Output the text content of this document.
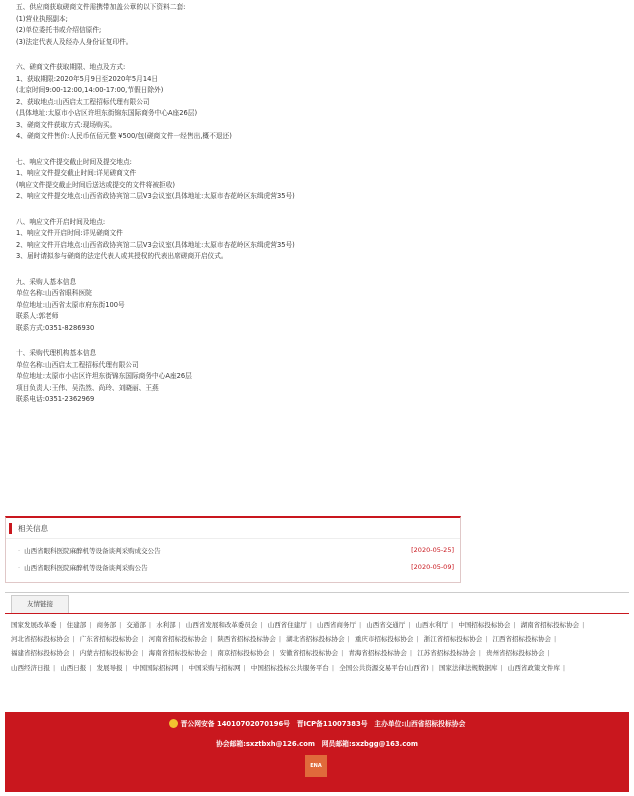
五、供应商获取磋商文件需携带加盖公章的以下资料二套:

(1)营业执照副本;

(2)单位委托书或介绍信原件;

(3)法定代表人及经办人身份证复印件。

六、磋商文件获取期限、地点及方式:

1、获取期限:2020年5月9日至2020年5月14日

(北京时间9:00-12:00,14:00-17:00,节假日除外)

2、获取地点:山西启太工程招标代理有限公司

(具体地址:太原市小店区许坦东街锦东国际商务中心A座26层)

3、磋商文件获取方式:现场购买。

4、磋商文件售价:人民币伍佰元整 ¥500/包(磋商文件一经售出,概不退还)

七、响应文件提交截止时间及提交地点:

1、响应文件提交截止时间:详见磋商文件

(响应文件提交截止时间后送达或提交的文件将被拒收)

2、响应文件提交地点:山西省政协宾馆二层V3会议室(具体地址:太原市杏花岭区东缉虎营35号)

八、响应文件开启时间及地点:

1、响应文件开启时间:详见磋商文件

2、响应文件开启地点:山西省政协宾馆二层V3会议室(具体地址:太原市杏花岭区东缉虎营35号)

3、届时请拟参与磋商的法定代表人或其授权的代表出席磋商开启仪式。

九、采购人基本信息

单位名称:山西省眼科医院

单位地址:山西省太原市府东街100号

联系人:郭老师

联系方式:0351-8286930

十、采购代理机构基本信息

单位名称:山西启太工程招标代理有限公司

单位地址:太原市小店区许坦东街锦东国际商务中心A座26层

项目负责人:王伟、吴浩然、尚玲、刘晓丽、王燕

联系电话:0351-2362969

相关信息
· 山西省眼科医院麻醉机等设备谈判采购成交公告	[2020-05-25]
· 山西省眼科医院麻醉机等设备谈判采购公告	[2020-05-09]
友情链接
国家发展改革委 | 住建部 | 商务部 | 交通部 | 水利部 | 山西省发展和改革委员会 | 山西省住建厅 | 山西省商务厅 | 山西省交通厅 | 山西水利厅 | 中国招标投标协会 | 湖南省招标投标协会 | 河北省招标投标协会 | 广东省招标投标协会 | 河南省招标投标协会 | 陕西省招标投标协会 | 湖北省招标投标协会 | 重庆市招标投标协会 | 浙江省招标投标协会 | 江西省招标投标协会 | 福建省招标投标协会 | 内蒙古招标投标协会 | 海南省招标投标协会 | 南京招标投标协会 | 安徽省招标投标协会 | 青海省招标投标协会 | 江苏省招标投标协会 | 贵州省招标投标协会 | 山西经济日报 | 山西日报 | 发展导报 | 中国国际招标网 | 中国采购与招标网 | 中国招标投标公共服务平台 | 全国公共资源交易平台(山西省) | 国家法律法规数据库 | 山西省政策文件库 |
晋公网安备 14010702070196号　晋ICP备11007383号　主办单位:山西省招标投标协会
协会邮箱:sxztbxh@126.com　网员邮箱:sxzbgg@163.com
ENA
